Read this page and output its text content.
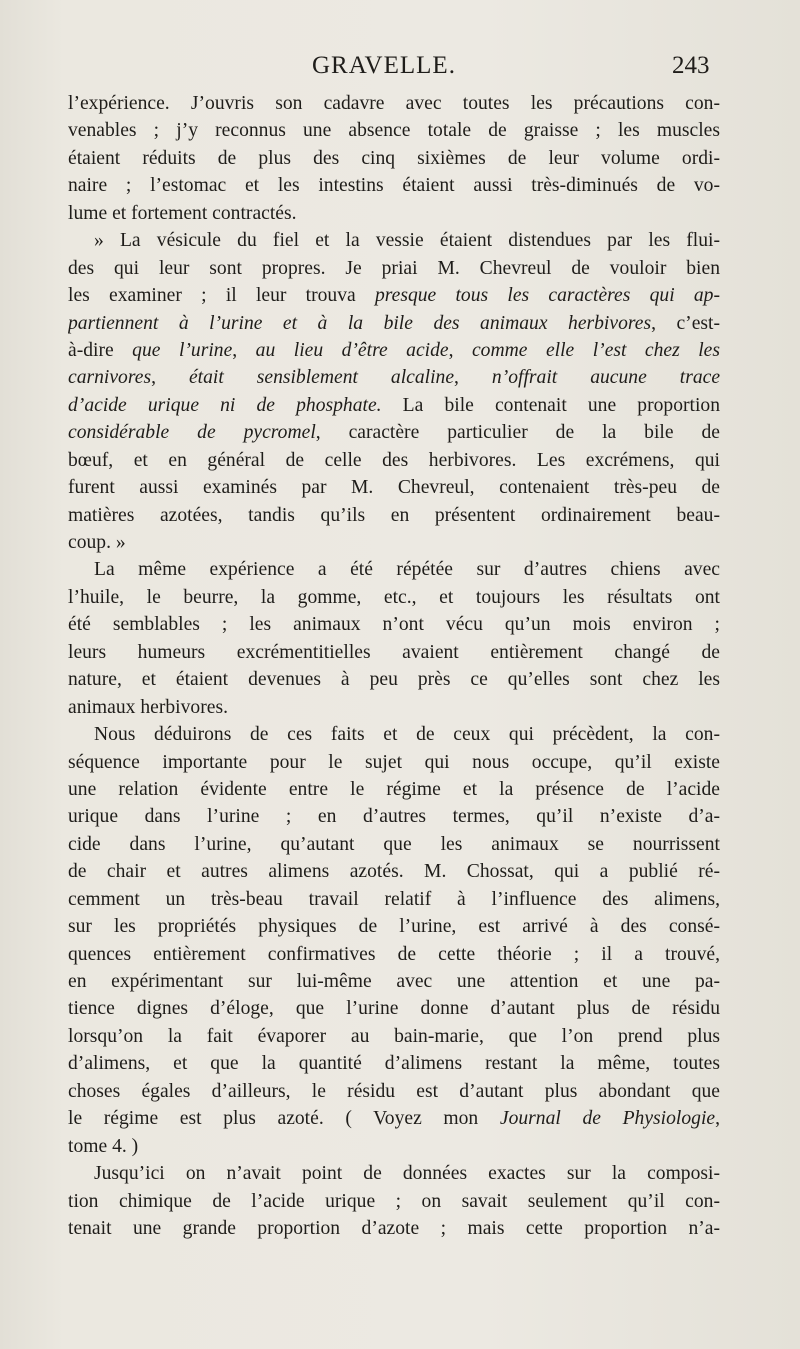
GRAVELLE.	243
l’expérience. J’ouvris son cadavre avec toutes les précautions con-
venables ; j’y reconnus une absence totale de graisse ; les muscles
étaient réduits de plus des cinq sixièmes de leur volume ordi-
naire ; l’estomac et les intestins étaient aussi très-diminués de vo-
lume et fortement contractés.
» La vésicule du fiel et la vessie étaient distendues par les flui-
des qui leur sont propres. Je priai M. Chevreul de vouloir bien
les examiner ; il leur trouva presque tous les caractères qui ap-
partiennent à l’urine et à la bile des animaux herbivores, c’est-
à-dire que l’urine, au lieu d’être acide, comme elle l’est chez les
carnivores, était sensiblement alcaline, n’offrait aucune trace
d’acide urique ni de phosphate. La bile contenait une proportion
considérable de pycromel, caractère particulier de la bile de
bœuf, et en général de celle des herbivores. Les excrémens, qui
furent aussi examinés par M. Chevreul, contenaient très-peu de
matières azotées, tandis qu’ils en présentent ordinairement beau-
coup. »
La même expérience a été répétée sur d’autres chiens avec
l’huile, le beurre, la gomme, etc., et toujours les résultats ont
été semblables ; les animaux n’ont vécu qu’un mois environ ;
leurs humeurs excrémentitielles avaient entièrement changé de
nature, et étaient devenues à peu près ce qu’elles sont chez les
animaux herbivores.
Nous déduirons de ces faits et de ceux qui précèdent, la con-
séquence importante pour le sujet qui nous occupe, qu’il existe
une relation évidente entre le régime et la présence de l’acide
urique dans l’urine ; en d’autres termes, qu’il n’existe d’a-
cide dans l’urine, qu’autant que les animaux se nourrissent
de chair et autres alimens azotés. M. Chossat, qui a publié ré-
cemment un très-beau travail relatif à l’influence des alimens,
sur les propriétés physiques de l’urine, est arrivé à des consé-
quences entièrement confirmatives de cette théorie ; il a trouvé,
en expérimentant sur lui-même avec une attention et une pa-
tience dignes d’éloge, que l’urine donne d’autant plus de résidu
lorsqu’on la fait évaporer au bain-marie, que l’on prend plus
d’alimens, et que la quantité d’alimens restant la même, toutes
choses égales d’ailleurs, le résidu est d’autant plus abondant que
le régime est plus azoté. ( Voyez mon Journal de Physiologie,
tome 4. )
Jusqu’ici on n’avait point de données exactes sur la composi-
tion chimique de l’acide urique ; on savait seulement qu’il con-
tenait une grande proportion d’azote ; mais cette proportion n’a-
